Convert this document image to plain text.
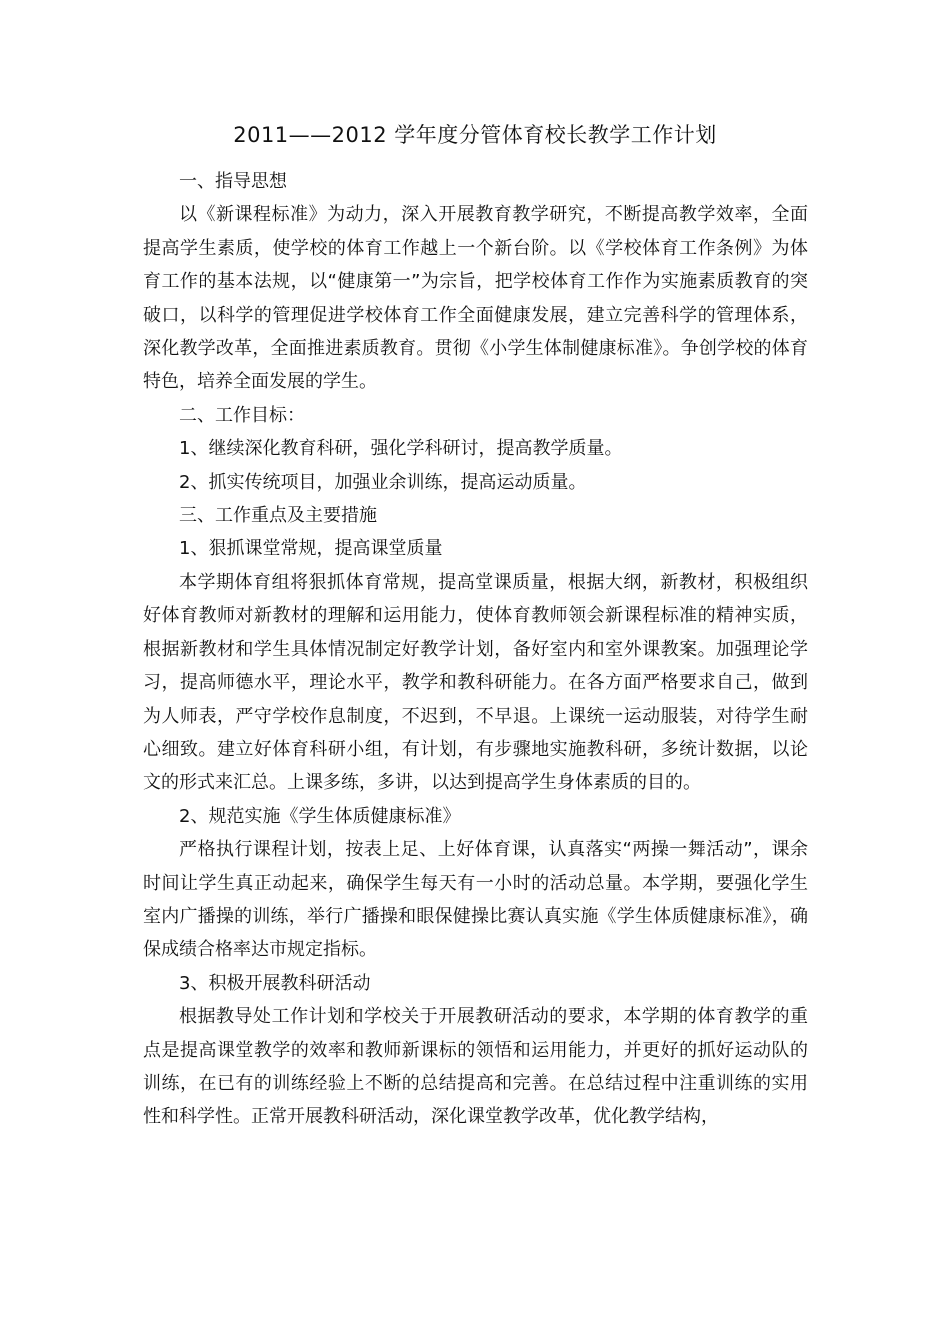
2011——2012 学年度分管体育校长教学工作计划

一、指导思想

以《新课程标准》为动力，深入开展教育教学研究，不断提高教学效率，全面提高学生素质，使学校的体育工作越上一个新台阶。以《学校体育工作条例》为体育工作的基本法规，以“健康第一”为宗旨，把学校体育工作作为实施素质教育的突破口，以科学的管理促进学校体育工作全面健康发展，建立完善科学的管理体系，深化教学改革，全面推进素质教育。贯彻《小学生体制健康标准》。争创学校的体育特色，培养全面发展的学生。

二、工作目标：

1、继续深化教育科研，强化学科研讨，提高教学质量。

2、抓实传统项目，加强业余训练，提高运动质量。

三、工作重点及主要措施

1、狠抓课堂常规，提高课堂质量

本学期体育组将狠抓体育常规，提高堂课质量，根据大纲，新教材，积极组织好体育教师对新教材的理解和运用能力，使体育教师领会新课程标准的精神实质，根据新教材和学生具体情况制定好教学计划，备好室内和室外课教案。加强理论学习，提高师德水平，理论水平，教学和教科研能力。在各方面严格要求自己，做到为人师表，严守学校作息制度，不迟到，不早退。上课统一运动服装，对待学生耐心细致。建立好体育科研小组，有计划，有步骤地实施教科研，多统计数据，以论文的形式来汇总。上课多练，多讲，以达到提高学生身体素质的目的。

2、规范实施《学生体质健康标准》

严格执行课程计划，按表上足、上好体育课，认真落实“两操一舞活动”，课余时间让学生真正动起来，确保学生每天有一小时的活动总量。本学期，要强化学生室内广播操的训练，举行广播操和眼保健操比赛认真实施《学生体质健康标准》，确保成绩合格率达市规定指标。

3、积极开展教科研活动

根据教导处工作计划和学校关于开展教研活动的要求，本学期的体育教学的重点是提高课堂教学的效率和教师新课标的领悟和运用能力，并更好的抓好运动队的训练，在已有的训练经验上不断的总结提高和完善。在总结过程中注重训练的实用性和科学性。正常开展教科研活动，深化课堂教学改革，优化教学结构，
